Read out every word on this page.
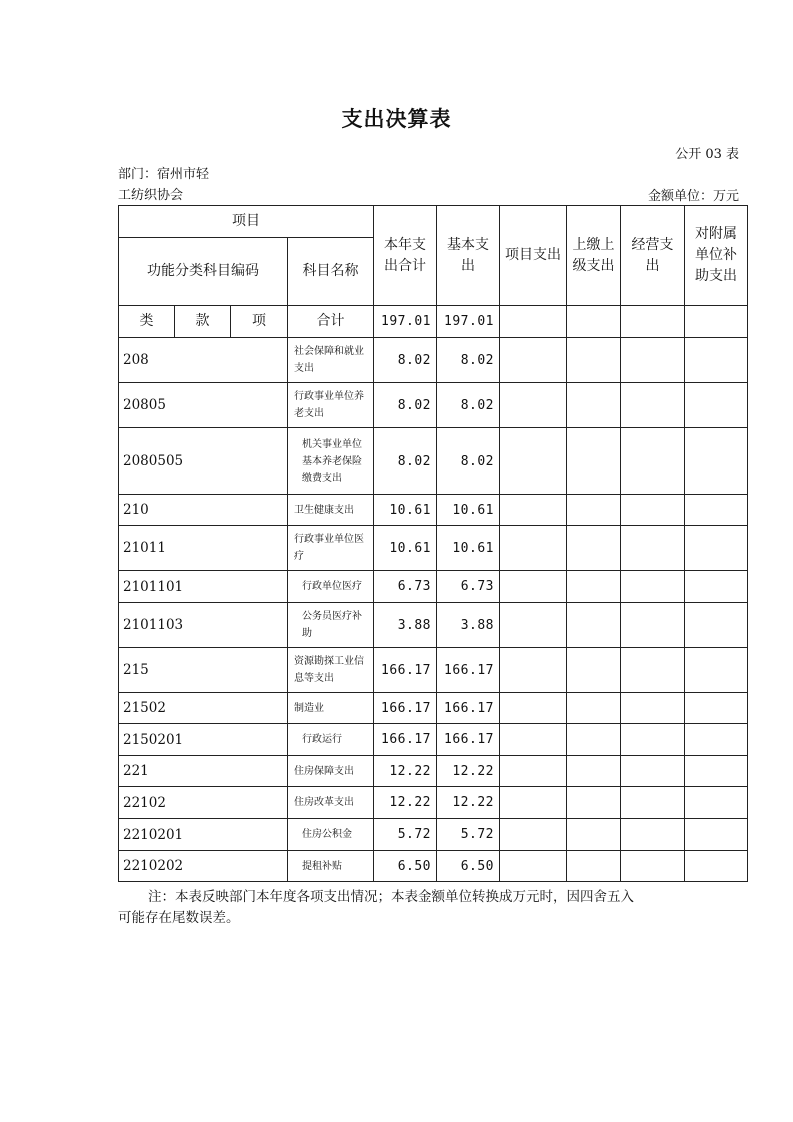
支出决算表
公开 03 表
部门：宿州市轻
工纺织协会	金额单位：万元
项目				本年支出合计	基本支出	项目支出	上缴上级支出	经营支出	对附属单位补助支出
功能分类科目编码			科目名称						
类	款	项	合计	197.01	197.01				
208			社会保障和就业支出	8.02	8.02				
20805			行政事业单位养老支出	8.02	8.02				
2080505			机关事业单位基本养老保险缴费支出	8.02	8.02				
210			卫生健康支出	10.61	10.61				
21011			行政事业单位医疗	10.61	10.61				
2101101			行政单位医疗	6.73	6.73				
2101103			公务员医疗补助	3.88	3.88				
215			资源勘探工业信息等支出	166.17	166.17				
21502			制造业	166.17	166.17				
2150201			行政运行	166.17	166.17				
221			住房保障支出	12.22	12.22				
22102			住房改革支出	12.22	12.22				
2210201			住房公积金	5.72	5.72				
2210202			提租补贴	6.50	6.50				
注：本表反映部门本年度各项支出情况；本表金额单位转换成万元时，因四舍五入
可能存在尾数误差。
